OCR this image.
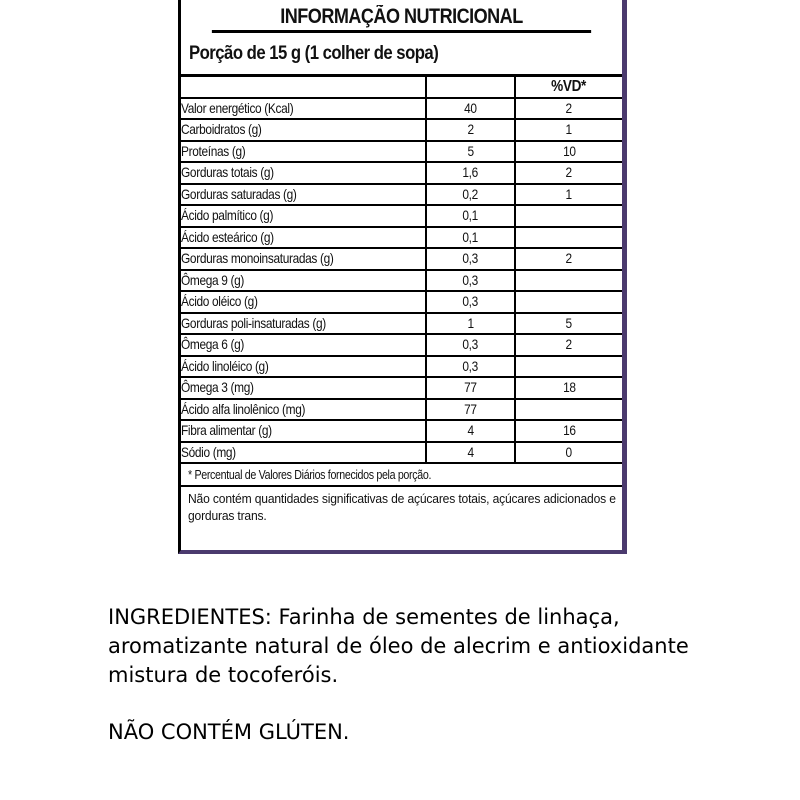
INFORMAÇÃO NUTRICIONAL
Porção de 15 g (1 colher de sopa)
		%VD*
Valor energético (Kcal)	40	2
Carboidratos (g)	2	1
Proteínas (g)	5	10
Gorduras totais (g)	1,6	2
Gorduras saturadas (g)	0,2	1
Ácido palmítico (g)	0,1	
Ácido esteárico (g)	0,1	
Gorduras monoinsaturadas (g)	0,3	2
Ômega 9 (g)	0,3	
Ácido oléico (g)	0,3	
Gorduras poli-insaturadas (g)	1	5
Ômega 6 (g)	0,3	2
Ácido linoléico (g)	0,3	
Ômega 3 (mg)	77	18
Ácido alfa linolênico (mg)	77	
Fibra alimentar (g)	4	16
Sódio (mg)	4	0
* Percentual de Valores Diários fornecidos pela porção.
Não contém quantidades significativas de açúcares totais, açúcares adicionados e gorduras trans.
INGREDIENTES: Farinha de sementes de linhaça, aromatizante natural de óleo de alecrim e antioxidante mistura de tocoferóis.
NÃO CONTÉM GLÚTEN.
